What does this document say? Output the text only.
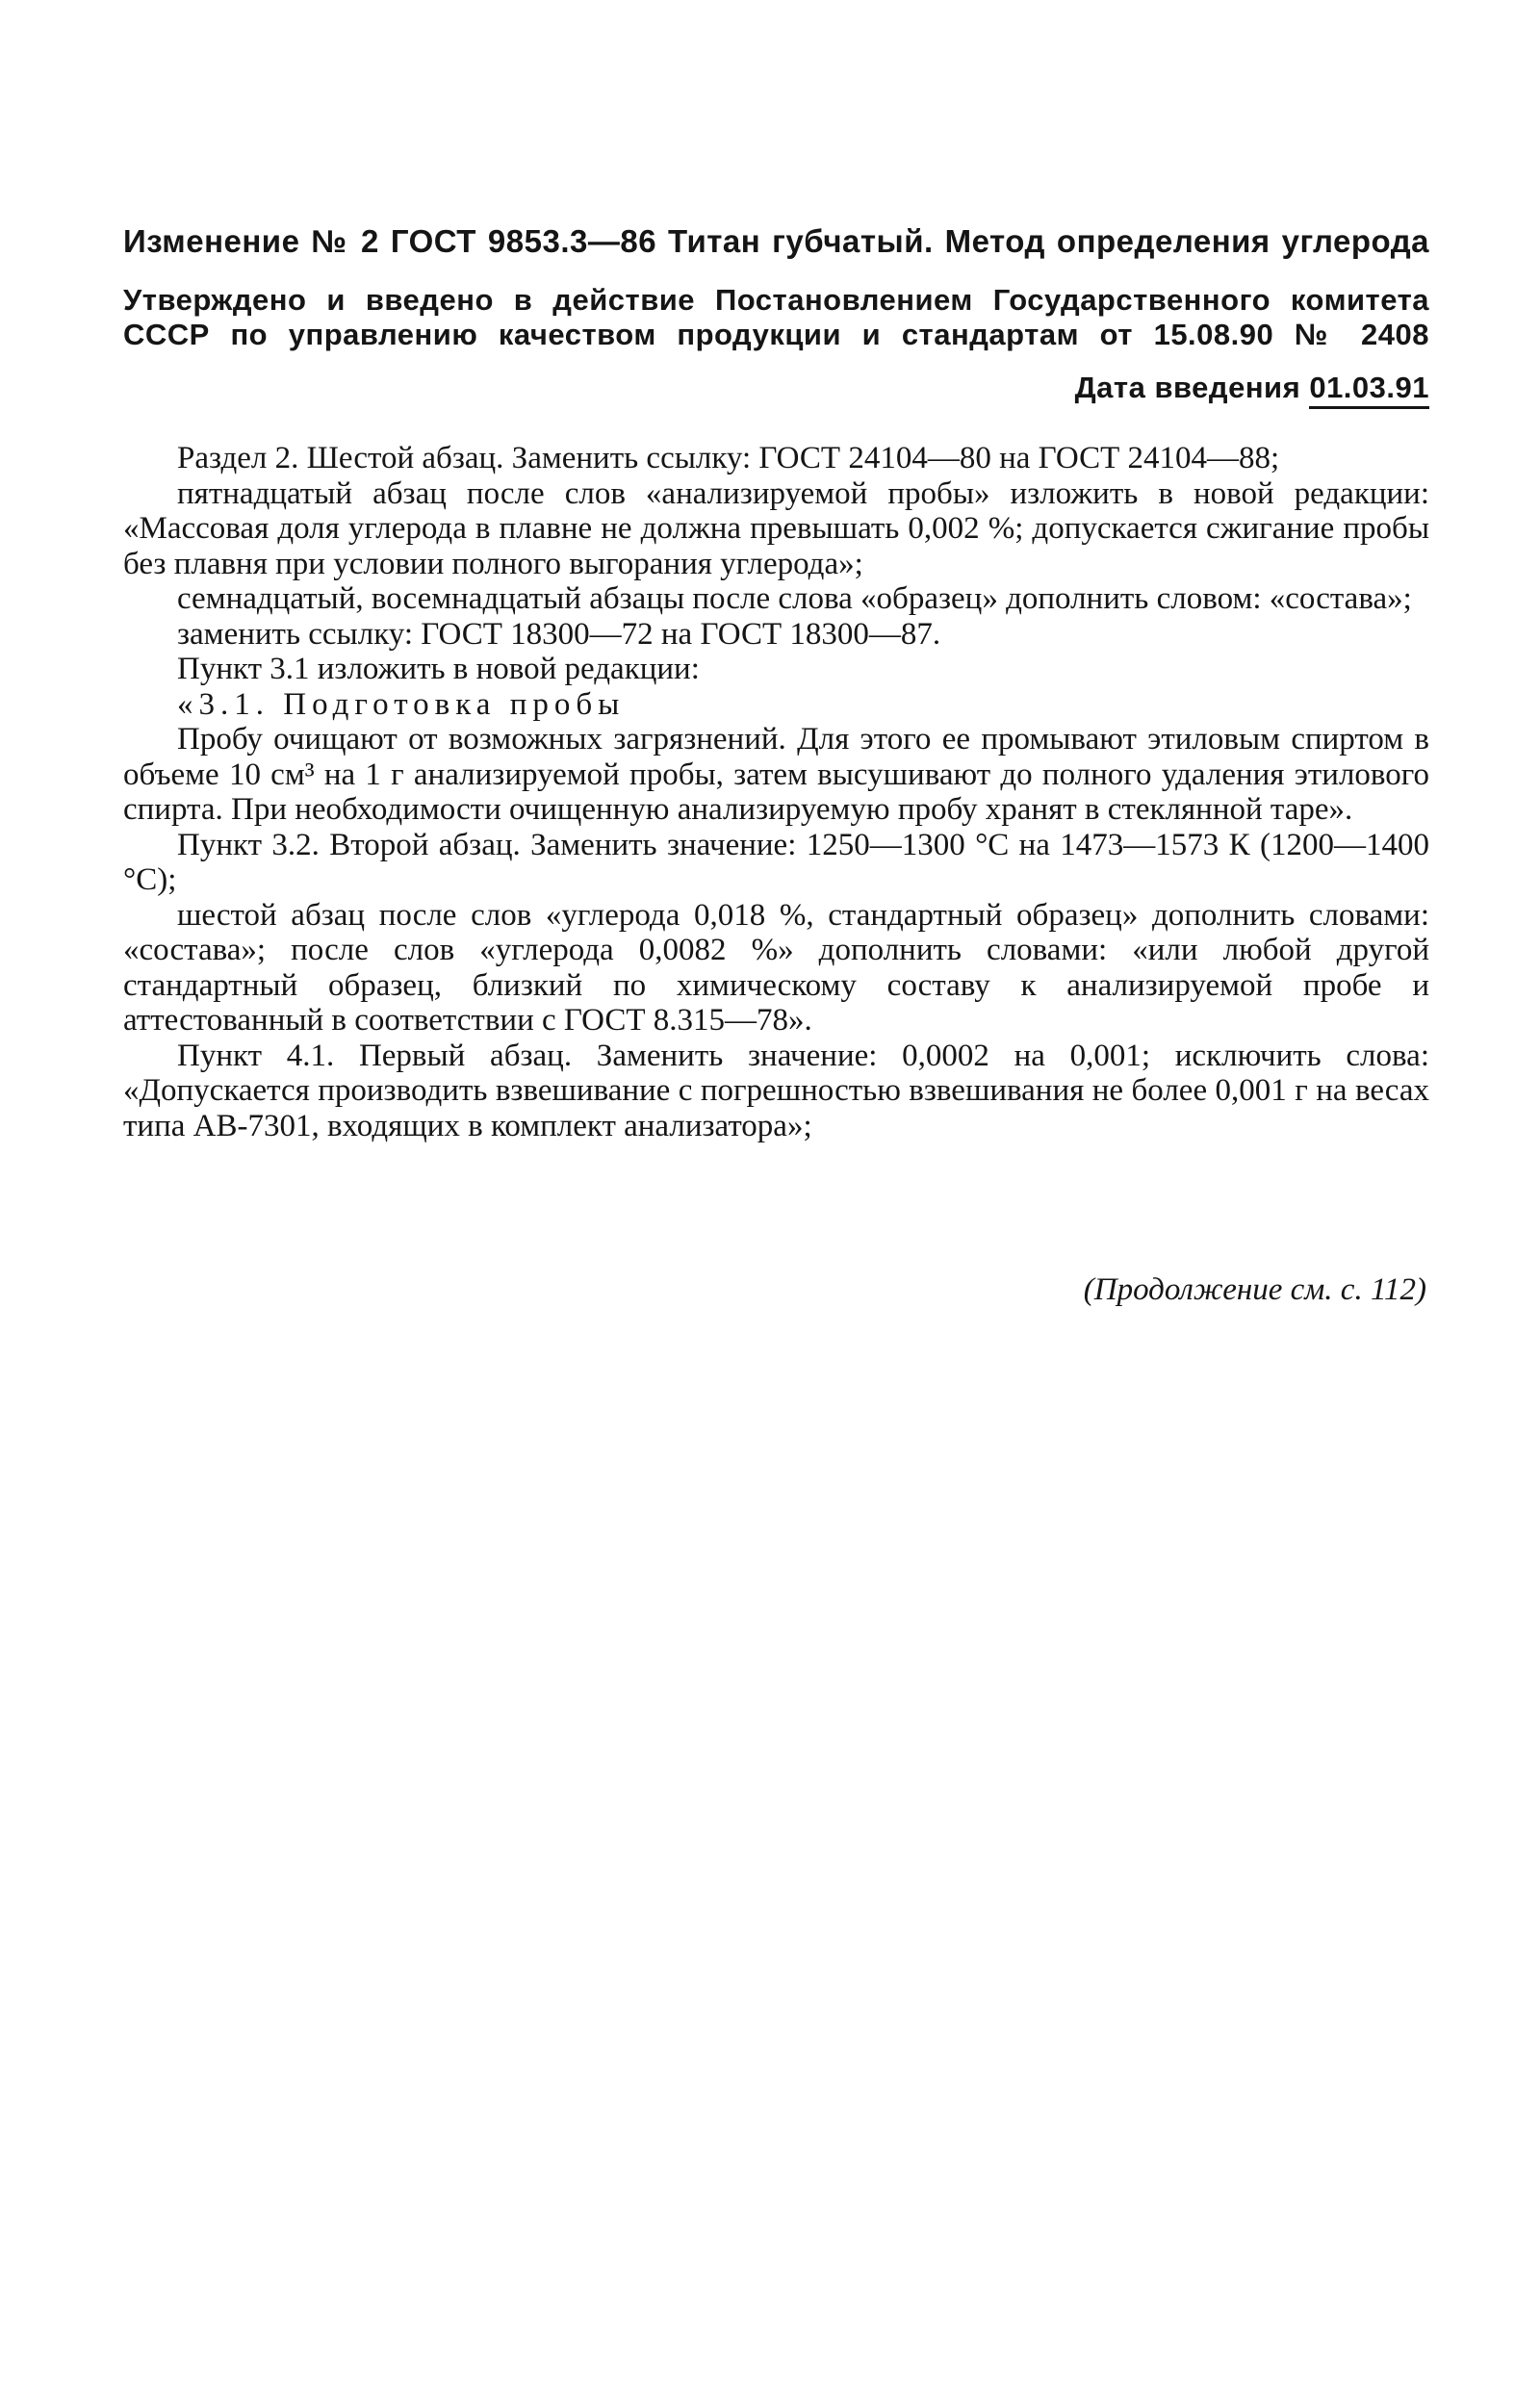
Изменение № 2 ГОСТ 9853.3—86 Титан губчатый. Метод определения углерода
Утверждено и введено в действие Постановлением Государственного комитета
СССР по управлению качеством продукции и стандартам от 15.08.90 № 2408
Дата введения 01.03.91

Раздел 2. Шестой абзац. Заменить ссылку: ГОСТ 24104—80 на ГОСТ 24104—88;

пятнадцатый абзац после слов «анализируемой пробы» изложить в новой редакции: «Массовая доля углерода в плавне не должна превышать 0,002 %; допускается сжигание пробы без плавня при условии полного выгорания углерода»;

семнадцатый, восемнадцатый абзацы после слова «образец» дополнить словом: «состава»;

заменить ссылку: ГОСТ 18300—72 на ГОСТ 18300—87.

Пункт 3.1 изложить в новой редакции:

«3.1. Подготовка пробы

Пробу очищают от возможных загрязнений. Для этого ее промывают этиловым спиртом в объеме 10 см³ на 1 г анализируемой пробы, затем высушивают до полного удаления этилового спирта. При необходимости очищенную анализируемую пробу хранят в стеклянной таре».

Пункт 3.2. Второй абзац. Заменить значение: 1250—1300 °С на 1473—1573 К (1200—1400 °С);

шестой абзац после слов «углерода 0,018 %, стандартный образец» дополнить словами: «состава»; после слов «углерода 0,0082 %» дополнить словами: «или любой другой стандартный образец, близкий по химическому составу к анализируемой пробе и аттестованный в соответствии с ГОСТ 8.315—78».

Пункт 4.1. Первый абзац. Заменить значение: 0,0002 на 0,001; исключить слова: «Допускается производить взвешивание с погрешностью взвешивания не более 0,001 г на весах типа АВ-7301, входящих в комплект анализатора»;

(Продолжение см. с. 112)
